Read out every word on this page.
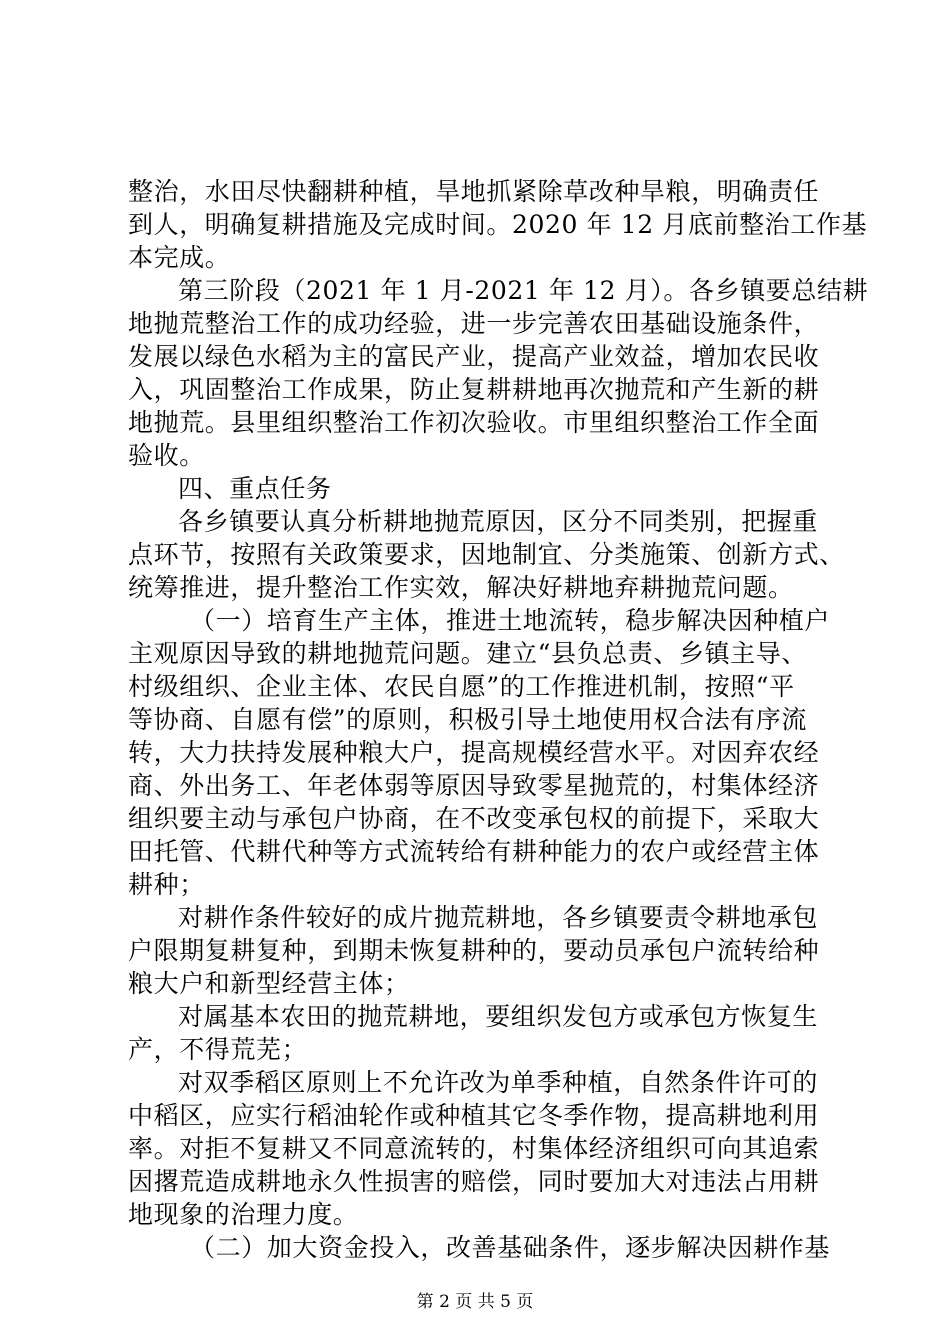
整治，水田尽快翻耕种植，旱地抓紧除草改种旱粮，明确责任
到人，明确复耕措施及完成时间。2020 年 12 月底前整治工作基
本完成。
第三阶段（2021 年 1 月-2021 年 12 月）。各乡镇要总结耕
地抛荒整治工作的成功经验，进一步完善农田基础设施条件，
发展以绿色水稻为主的富民产业，提高产业效益，增加农民收
入，巩固整治工作成果，防止复耕耕地再次抛荒和产生新的耕
地抛荒。县里组织整治工作初次验收。市里组织整治工作全面
验收。
四、重点任务
各乡镇要认真分析耕地抛荒原因，区分不同类别，把握重
点环节，按照有关政策要求，因地制宜、分类施策、创新方式、
统筹推进，提升整治工作实效，解决好耕地弃耕抛荒问题。
（一）培育生产主体，推进土地流转，稳步解决因种植户
主观原因导致的耕地抛荒问题。建立“县负总责、乡镇主导、
村级组织、企业主体、农民自愿”的工作推进机制，按照“平
等协商、自愿有偿”的原则，积极引导土地使用权合法有序流
转，大力扶持发展种粮大户，提高规模经营水平。对因弃农经
商、外出务工、年老体弱等原因导致零星抛荒的，村集体经济
组织要主动与承包户协商，在不改变承包权的前提下，采取大
田托管、代耕代种等方式流转给有耕种能力的农户或经营主体
耕种；
对耕作条件较好的成片抛荒耕地，各乡镇要责令耕地承包
户限期复耕复种，到期未恢复耕种的，要动员承包户流转给种
粮大户和新型经营主体；
对属基本农田的抛荒耕地，要组织发包方或承包方恢复生
产，不得荒芜；
对双季稻区原则上不允许改为单季种植，自然条件许可的
中稻区，应实行稻油轮作或种植其它冬季作物，提高耕地利用
率。对拒不复耕又不同意流转的，村集体经济组织可向其追索
因撂荒造成耕地永久性损害的赔偿，同时要加大对违法占用耕
地现象的治理力度。
（二）加大资金投入，改善基础条件，逐步解决因耕作基
第 2 页 共 5 页
